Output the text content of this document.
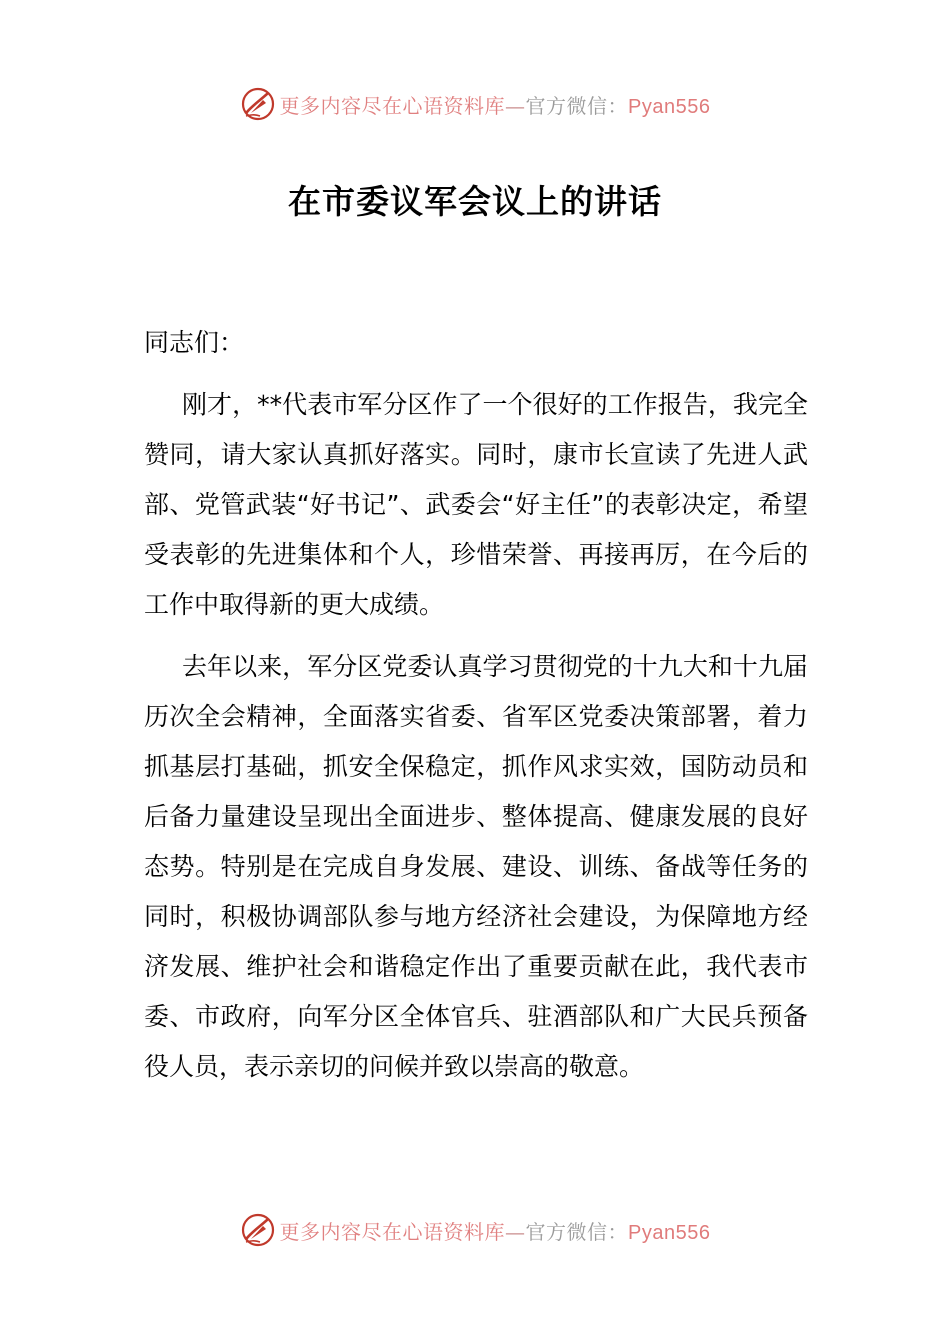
更多内容尽在心语资料库—官方微信：Pyan556
在市委议军会议上的讲话

同志们：

刚才，**代表市军分区作了一个很好的工作报告，我完全赞同，请大家认真抓好落实。同时，康市长宣读了先进人武部、党管武装“好书记”、武委会“好主任”的表彰决定，希望受表彰的先进集体和个人，珍惜荣誉、再接再厉，在今后的工作中取得新的更大成绩。

去年以来，军分区党委认真学习贯彻党的十九大和十九届历次全会精神，全面落实省委、省军区党委决策部署，着力抓基层打基础，抓安全保稳定，抓作风求实效，国防动员和后备力量建设呈现出全面进步、整体提高、健康发展的良好态势。特别是在完成自身发展、建设、训练、备战等任务的同时，积极协调部队参与地方经济社会建设，为保障地方经济发展、维护社会和谐稳定作出了重要贡献在此，我代表市委、市政府，向军分区全体官兵、驻酒部队和广大民兵预备役人员，表示亲切的问候并致以崇高的敬意。

更多内容尽在心语资料库—官方微信：Pyan556
